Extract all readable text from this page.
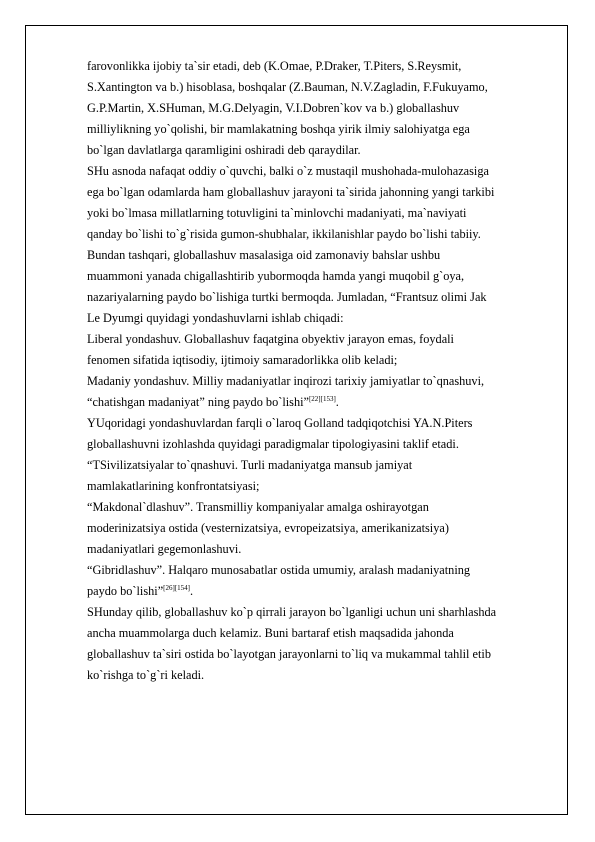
farovonlikka ijobiy ta`sir etadi, deb (K.Omae, P.Draker, T.Piters, S.Reysmit,
S.Xantington va b.) hisoblasa, boshqalar (Z.Bauman, N.V.Zagladin, F.Fukuyamo,
G.P.Martin, X.SHuman, M.G.Delyagin, V.I.Dobren`kov va b.) globallashuv
milliylikning yo`qolishi, bir mamlakatning boshqa yirik ilmiy salohiyatga ega
bo`lgan davlatlarga qaramligini oshiradi deb qaraydilar.
SHu asnoda nafaqat oddiy o`quvchi, balki o`z mustaqil mushohada-mulohazasiga
ega bo`lgan odamlarda ham globallashuv jarayoni ta`sirida jahonning yangi tarkibi
yoki bo`lmasa millatlarning totuvligini ta`minlovchi madaniyati, ma`naviyati
qanday bo`lishi to`g`risida gumon-shubhalar, ikkilanishlar paydo bo`lishi tabiiy.
Bundan tashqari, globallashuv masalasiga oid zamonaviy bahslar ushbu
muammoni yanada chigallashtirib yubormoqda hamda yangi muqobil g`oya,
nazariyalarning paydo bo`lishiga turtki bermoqda. Jumladan, “Frantsuz olimi Jak
Le Dyumgi quyidagi yondashuvlarni ishlab chiqadi:
Liberal yondashuv. Globallashuv faqatgina obyektiv jarayon emas, foydali
fenomen sifatida iqtisodiy, ijtimoiy samaradorlikka olib keladi;
Madaniy yondashuv. Milliy madaniyatlar inqirozi tarixiy jamiyatlar to`qnashuvi,
“chatishgan madaniyat” ning paydo bo`lishi”[22][153].
YUqoridagi yondashuvlardan farqli o`laroq Golland tadqiqotchisi YA.N.Piters
globallashuvni izohlashda quyidagi paradigmalar tipologiyasini taklif etadi.
“TSivilizatsiyalar to`qnashuvi. Turli madaniyatga mansub jamiyat
mamlakatlarining konfrontatsiyasi;
“Makdonal`dlashuv”. Transmilliy kompaniyalar amalga oshirayotgan
moderinizatsiya ostida (vesternizatsiya, evropeizatsiya, amerikanizatsiya)
madaniyatlari gegemonlashuvi.
“Gibridlashuv”. Halqaro munosabatlar ostida umumiy, aralash madaniyatning
paydo bo`lishi”[26][154].
SHunday qilib, globallashuv ko`p qirrali jarayon bo`lganligi uchun uni sharhlashda
ancha muammolarga duch kelamiz. Buni bartaraf etish maqsadida jahonda
globallashuv ta`siri ostida bo`layotgan jarayonlarni to`liq va mukammal tahlil etib
ko`rishga to`g`ri keladi.
